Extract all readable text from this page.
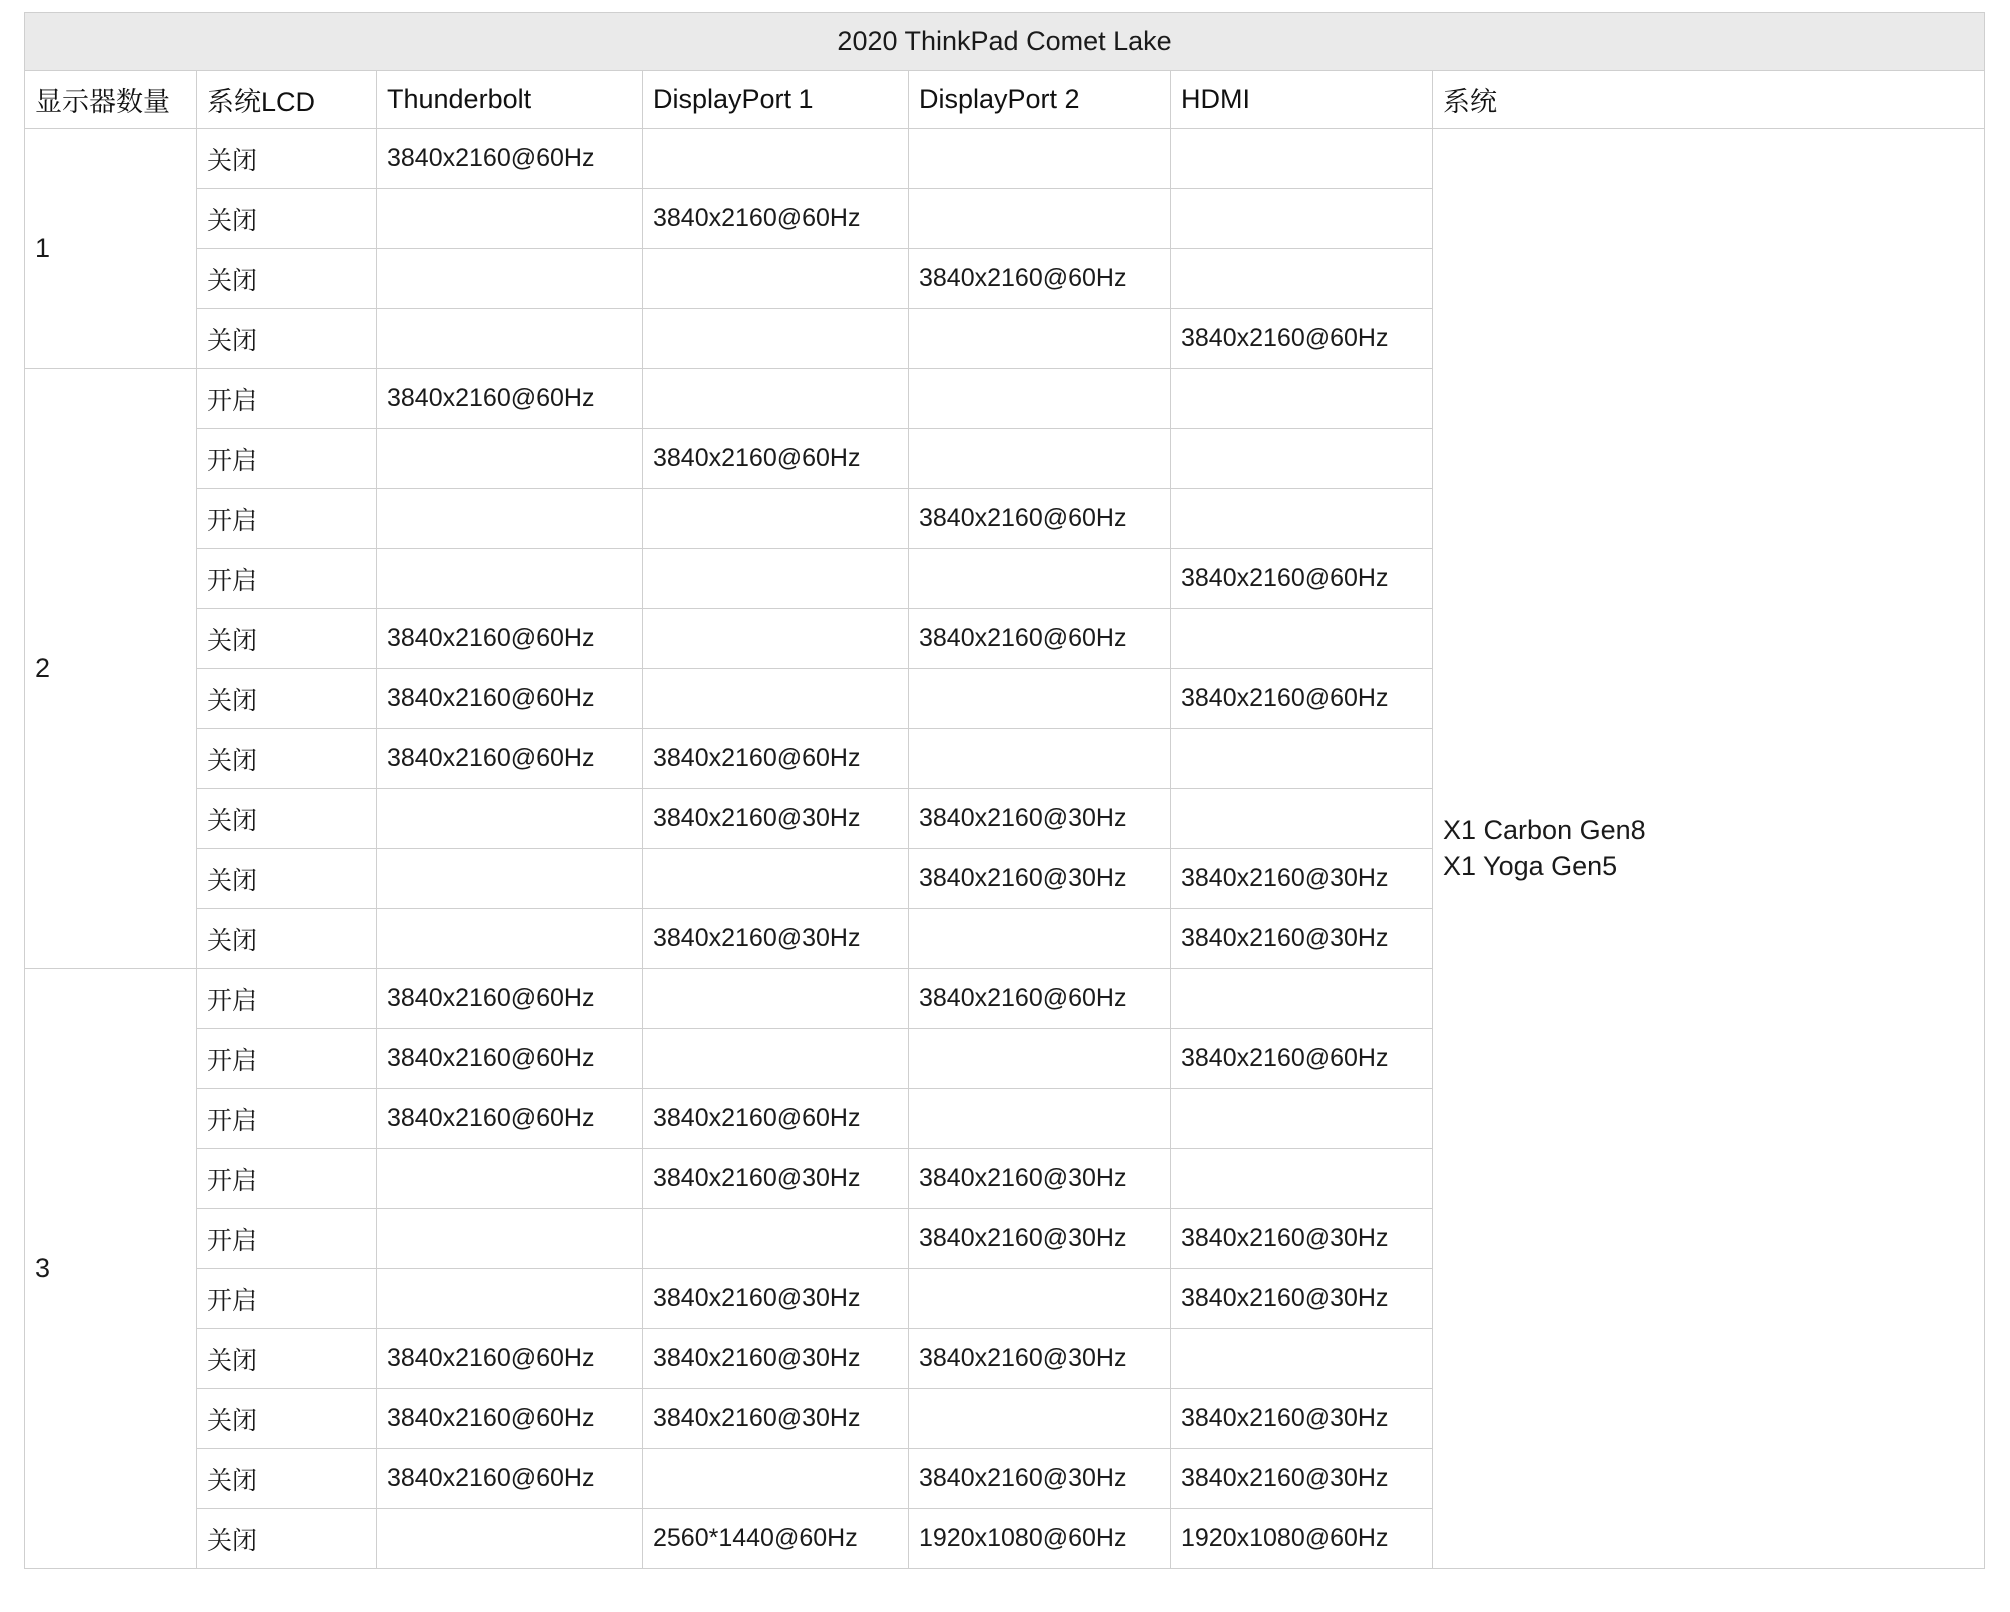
2020 ThinkPad Comet Lake						
显示器数量	系统LCD	Thunderbolt	DisplayPort 1	DisplayPort 2	HDMI	系统
1	关闭	3840x2160@60Hz				X1 Carbon Gen8
X1 Yoga Gen5
	关闭		3840x2160@60Hz			
	关闭			3840x2160@60Hz		
	关闭				3840x2160@60Hz	
2	开启	3840x2160@60Hz				
	开启		3840x2160@60Hz			
	开启			3840x2160@60Hz		
	开启				3840x2160@60Hz	
	关闭	3840x2160@60Hz		3840x2160@60Hz		
	关闭	3840x2160@60Hz			3840x2160@60Hz	
	关闭	3840x2160@60Hz	3840x2160@60Hz			
	关闭		3840x2160@30Hz	3840x2160@30Hz		
	关闭			3840x2160@30Hz	3840x2160@30Hz	
	关闭		3840x2160@30Hz		3840x2160@30Hz	
3	开启	3840x2160@60Hz		3840x2160@60Hz		
	开启	3840x2160@60Hz			3840x2160@60Hz	
	开启	3840x2160@60Hz	3840x2160@60Hz			
	开启		3840x2160@30Hz	3840x2160@30Hz		
	开启			3840x2160@30Hz	3840x2160@30Hz	
	开启		3840x2160@30Hz		3840x2160@30Hz	
	关闭	3840x2160@60Hz	3840x2160@30Hz	3840x2160@30Hz		
	关闭	3840x2160@60Hz	3840x2160@30Hz		3840x2160@30Hz	
	关闭	3840x2160@60Hz		3840x2160@30Hz	3840x2160@30Hz	
	关闭		2560*1440@60Hz	1920x1080@60Hz	1920x1080@60Hz	
